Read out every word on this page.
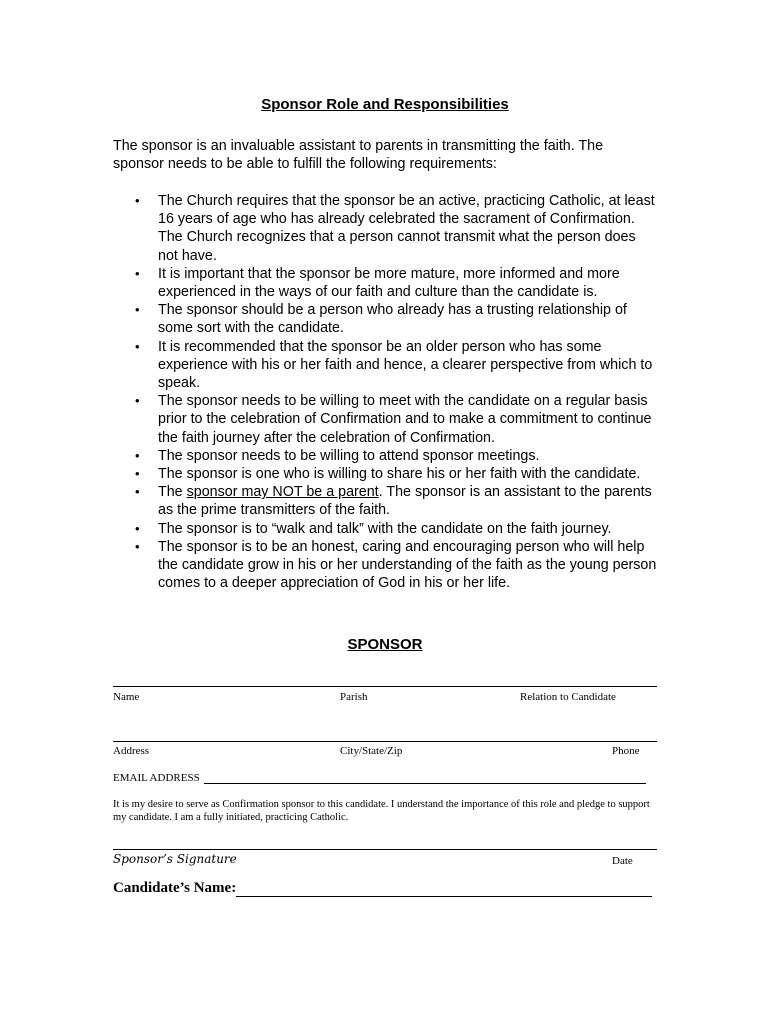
Sponsor Role and Responsibilities
The sponsor is an invaluable assistant to parents in transmitting the faith. The sponsor needs to be able to fulfill the following requirements:
• The Church requires that the sponsor be an active, practicing Catholic, at least 16 years of age who has already celebrated the sacrament of Confirmation. The Church recognizes that a person cannot transmit what the person does not have.
• It is important that the sponsor be more mature, more informed and more experienced in the ways of our faith and culture than the candidate is.
• The sponsor should be a person who already has a trusting relationship of some sort with the candidate.
• It is recommended that the sponsor be an older person who has some experience with his or her faith and hence, a clearer perspective from which to speak.
• The sponsor needs to be willing to meet with the candidate on a regular basis prior to the celebration of Confirmation and to make a commitment to continue the faith journey after the celebration of Confirmation.
• The sponsor needs to be willing to attend sponsor meetings.
• The sponsor is one who is willing to share his or her faith with the candidate.
• The sponsor may NOT be a parent. The sponsor is an assistant to the parents as the prime transmitters of the faith.
• The sponsor is to “walk and talk” with the candidate on the faith journey.
• The sponsor is to be an honest, caring and encouraging person who will help the candidate grow in his or her understanding of the faith as the young person comes to a deeper appreciation of God in his or her life.
SPONSOR
Name	Parish	Relation to Candidate
Address	City/State/Zip	Phone
EMAIL ADDRESS
It is my desire to serve as Confirmation sponsor to this candidate. I understand the importance of this role and pledge to support my candidate. I am a fully initiated, practicing Catholic.
Sponsor’s Signature	Date
Candidate’s Name:
